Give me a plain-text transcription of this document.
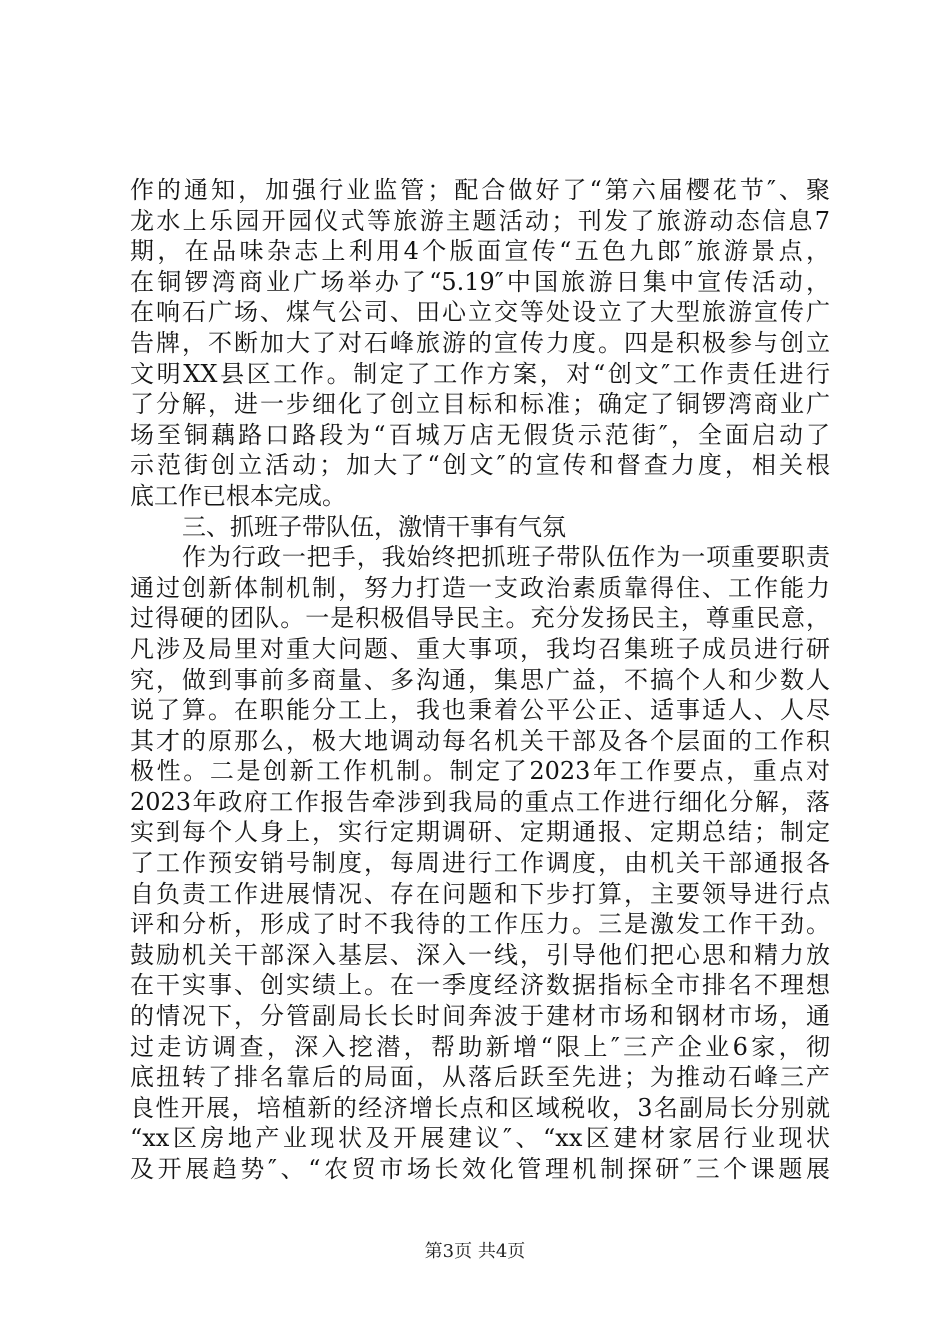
作的通知，加强行业监管；配合做好了“第六届樱花节″、聚
龙水上乐园开园仪式等旅游主题活动；刊发了旅游动态信息7
期，在品味杂志上利用4个版面宣传“五色九郎″旅游景点，
在铜锣湾商业广场举办了“5.19″中国旅游日集中宣传活动，
在响石广场、煤气公司、田心立交等处设立了大型旅游宣传广
告牌，不断加大了对石峰旅游的宣传力度。四是积极参与创立
文明XX县区工作。制定了工作方案，对“创文″工作责任进行
了分解，进一步细化了创立目标和标准；确定了铜锣湾商业广
场至铜藕路口路段为“百城万店无假货示范街″，全面启动了
示范街创立活动；加大了“创文″的宣传和督查力度，相关根
底工作已根本完成。
三、抓班子带队伍，激情干事有气氛
作为行政一把手，我始终把抓班子带队伍作为一项重要职责
通过创新体制机制，努力打造一支政治素质靠得住、工作能力
过得硬的团队。一是积极倡导民主。充分发扬民主，尊重民意，
凡涉及局里对重大问题、重大事项，我均召集班子成员进行研
究，做到事前多商量、多沟通，集思广益，不搞个人和少数人
说了算。在职能分工上，我也秉着公平公正、适事适人、人尽
其才的原那么，极大地调动每名机关干部及各个层面的工作积
极性。二是创新工作机制。制定了2023年工作要点，重点对
2023年政府工作报告牵涉到我局的重点工作进行细化分解，落
实到每个人身上，实行定期调研、定期通报、定期总结；制定
了工作预安销号制度，每周进行工作调度，由机关干部通报各
自负责工作进展情况、存在问题和下步打算，主要领导进行点
评和分析，形成了时不我待的工作压力。三是激发工作干劲。
鼓励机关干部深入基层、深入一线，引导他们把心思和精力放
在干实事、创实绩上。在一季度经济数据指标全市排名不理想
的情况下，分管副局长长时间奔波于建材市场和钢材市场，通
过走访调查，深入挖潜，帮助新增“限上″三产企业6家，彻
底扭转了排名靠后的局面，从落后跃至先进；为推动石峰三产
良性开展，培植新的经济增长点和区域税收，3名副局长分别就
“xx区房地产业现状及开展建议″、“xx区建材家居行业现状
及开展趋势″、“农贸市场长效化管理机制探研″三个课题展
第3页 共4页
